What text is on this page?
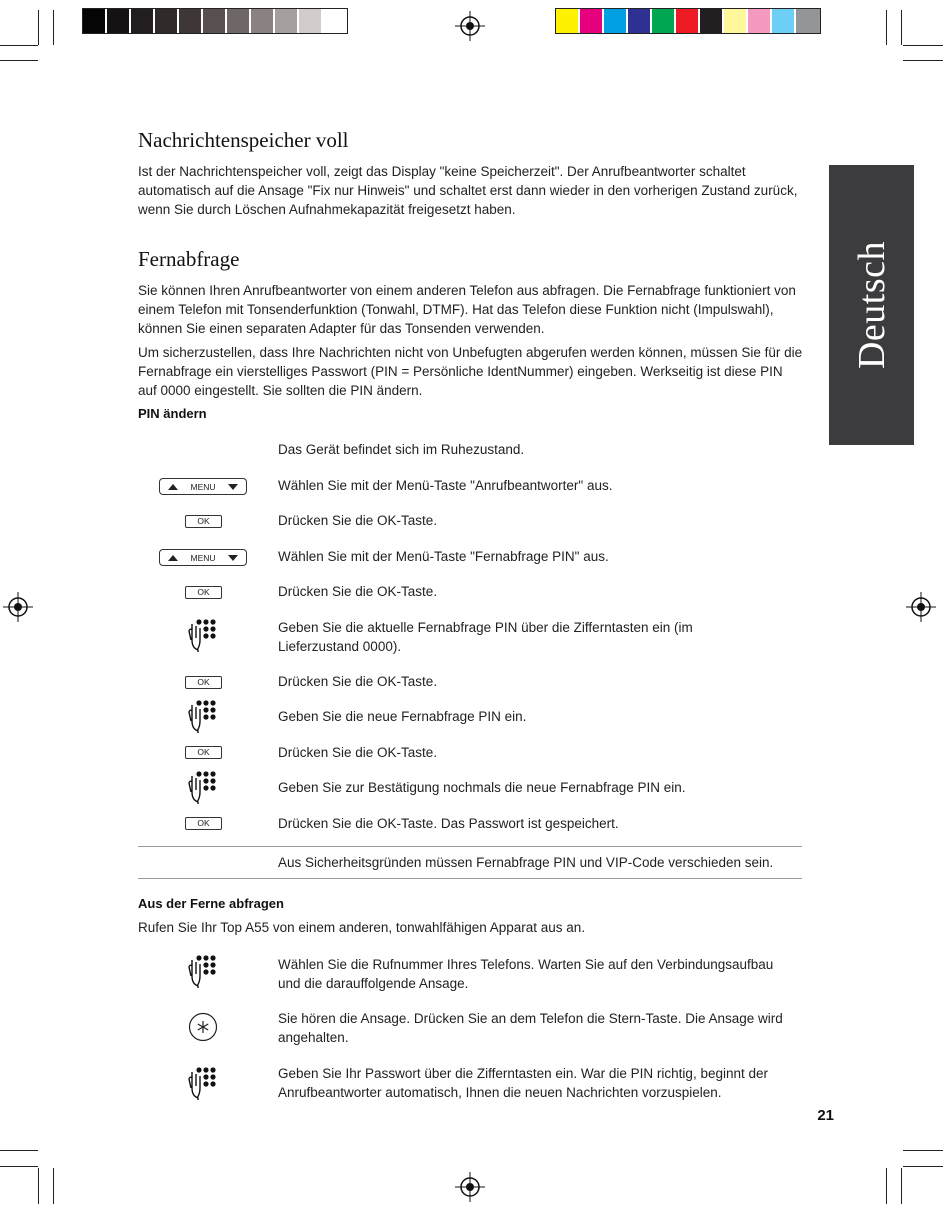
Deutsch
Nachrichtenspeicher voll

Ist der Nachrichtenspeicher voll, zeigt das Display "keine Speicherzeit". Der Anrufbeantworter schaltet automatisch auf die Ansage "Fix nur Hinweis" und schaltet erst dann wieder in den vorherigen Zustand zurück, wenn Sie durch Löschen Aufnahmekapazität freigesetzt haben.

Fernabfrage

Sie können Ihren Anrufbeantworter von einem anderen Telefon aus abfragen. Die Fernabfrage funktioniert von einem Telefon mit Tonsenderfunktion (Tonwahl, DTMF). Hat das Telefon diese Funktion nicht (Impulswahl), können Sie einen separaten Adapter für das Tonsenden verwenden.

Um sicherzustellen, dass Ihre Nachrichten nicht von Unbefugten abgerufen werden können, müssen Sie für die Fernabfrage ein vierstelliges Passwort (PIN = Persönliche IdentNummer) eingeben. Werkseitig ist diese PIN auf 0000 eingestellt. Sie sollten die PIN ändern.

PIN ändern
Das Gerät befindet sich im Ruhezustand.
MENU	Wählen Sie mit der Menü-Taste "Anrufbeantworter" aus.
OK	Drücken Sie die OK-Taste.
MENU	Wählen Sie mit der Menü-Taste "Fernabfrage PIN" aus.
OK	Drücken Sie die OK-Taste.
Geben Sie die aktuelle Fernabfrage PIN über die Zifferntasten ein (im Lieferzustand 0000).
OK	Drücken Sie die OK-Taste.
Geben Sie die neue Fernabfrage PIN ein.
OK	Drücken Sie die OK-Taste.
Geben Sie zur Bestätigung nochmals die neue Fernabfrage PIN ein.
OK	Drücken Sie die OK-Taste. Das Passwort ist gespeichert.
Aus Sicherheitsgründen müssen Fernabfrage PIN und VIP-Code verschieden sein.
Aus der Ferne abfragen

Rufen Sie Ihr Top A55 von einem anderen, tonwahlfähigen Apparat aus an.

Wählen Sie die Rufnummer Ihres Telefons. Warten Sie auf den Verbindungsaufbau und die darauffolgende Ansage.
Sie hören die Ansage. Drücken Sie an dem Telefon die Stern-Taste. Die Ansage wird angehalten.
Geben Sie Ihr Passwort über die Zifferntasten ein. War die PIN richtig, beginnt der Anrufbeantworter automatisch, Ihnen die neuen Nachrichten vorzuspielen.
21
